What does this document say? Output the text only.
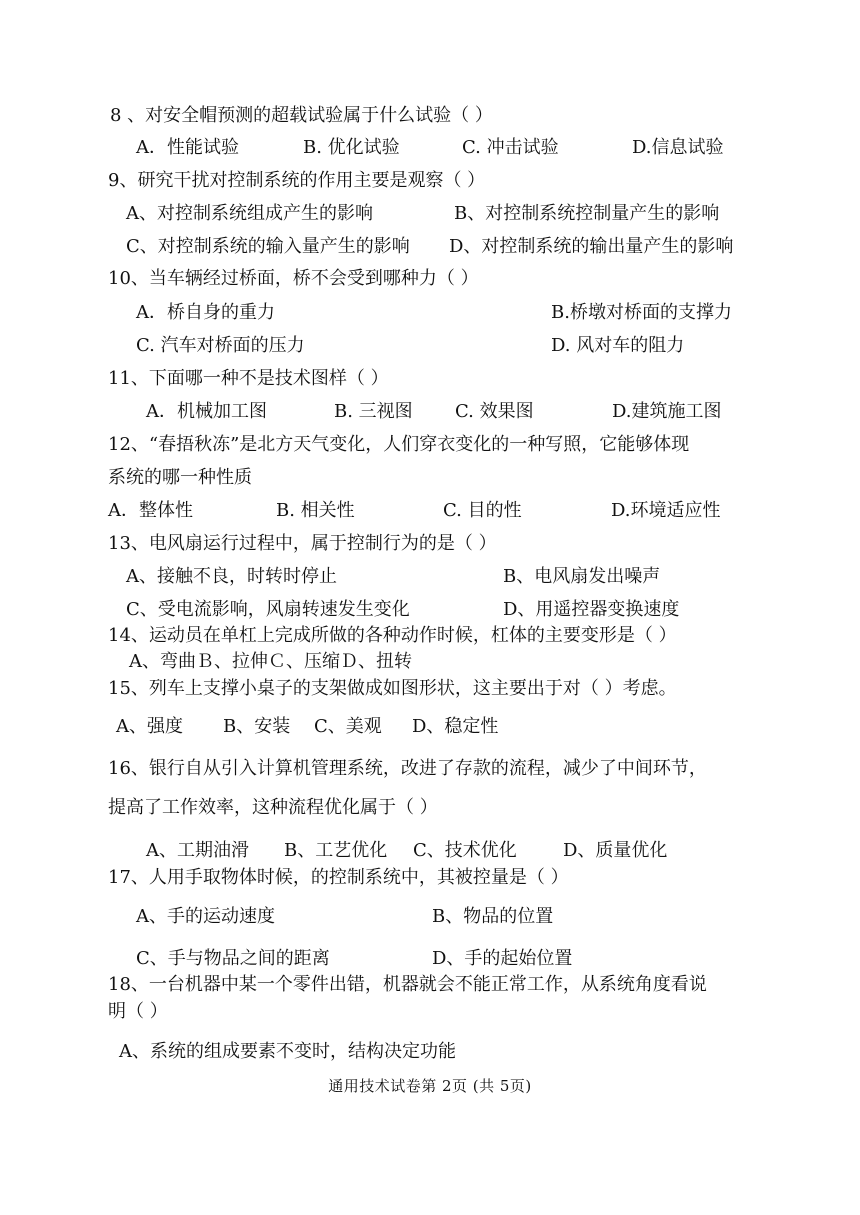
8 、对安全帽预测的超载试验属于什么试验（ ）
A．性能试验	B. 优化试验	C. 冲击试验	D.信息试验
9、研究干扰对控制系统的作用主要是观察（ ）
A、对控制系统组成产生的影响	B、对控制系统控制量产生的影响
C、对控制系统的输入量产生的影响 D、对控制系统的输出量产生的影响
10、当车辆经过桥面，桥不会受到哪种力（ ）
A．桥自身的重力	B.桥墩对桥面的支撑力
C. 汽车对桥面的压力	D. 风对车的阻力
11、下面哪一种不是技术图样（ ）
A．机械加工图	B. 三视图 C. 效果图	D.建筑施工图
12、“春捂秋冻”是北方天气变化，人们穿衣变化的一种写照，它能够体现
系统的哪一种性质
A．整体性	B. 相关性	C. 目的性	D.环境适应性
13、电风扇运行过程中，属于控制行为的是（ ）
A、接触不良，时转时停止	B、电风扇发出噪声
C、受电流影响，风扇转速发生变化	D、用遥控器变换速度
14、运动员在单杠上完成所做的各种动作时候，杠体的主要变形是（ ）
A、弯曲Ｂ、拉伸Ｃ、压缩Ｄ、扭转
15、列车上支撑小桌子的支架做成如图形状，这主要出于对（ ）考虑。
A、强度 B、安装 C、美观 D、稳定性
16、银行自从引入计算机管理系统，改进了存款的流程，减少了中间环节，
提高了工作效率，这种流程优化属于（ ）
A、工期油滑 B、工艺优化 C、技术优化	D、质量优化
17、人用手取物体时候，的控制系统中，其被控量是（ ）
A、手的运动速度	B、物品的位置
C、手与物品之间的距离	D、手的起始位置
18、一台机器中某一个零件出错，机器就会不能正常工作，从系统角度看说
明（ ）
A、系统的组成要素不变时，结构决定功能
通用技术试卷第 2页 (共 5页)
